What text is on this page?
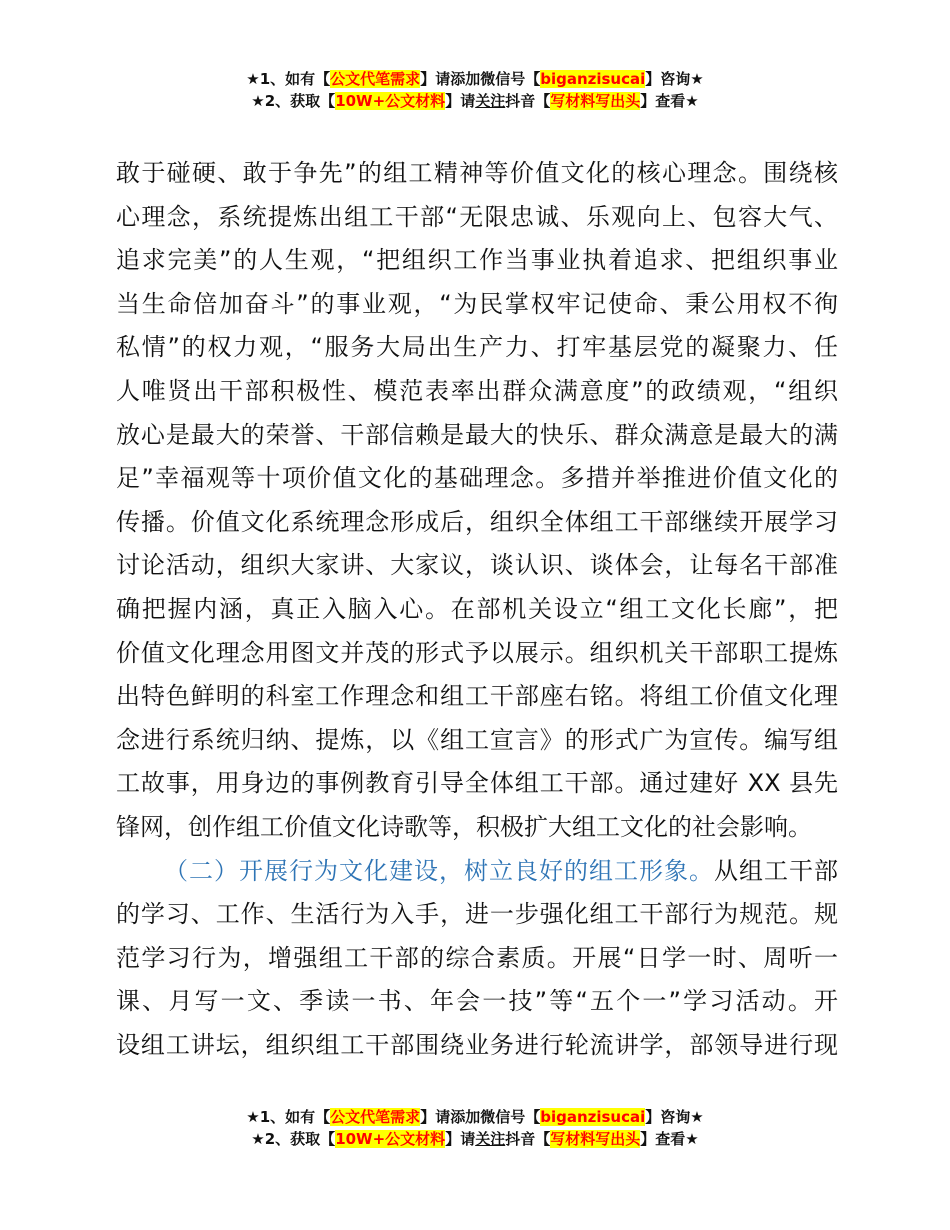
★1、如有【公文代笔需求】请添加微信号【biganzisucai】咨询★
★2、获取【10W+公文材料】请关注抖音【写材料写出头】查看★
敢于碰硬、敢于争先”的组工精神等价值文化的核心理念。围绕核
心理念，系统提炼出组工干部“无限忠诚、乐观向上、包容大气、
追求完美”的人生观，“把组织工作当事业执着追求、把组织事业
当生命倍加奋斗”的事业观，“为民掌权牢记使命、秉公用权不徇
私情”的权力观，“服务大局出生产力、打牢基层党的凝聚力、任
人唯贤出干部积极性、模范表率出群众满意度”的政绩观，“组织
放心是最大的荣誉、干部信赖是最大的快乐、群众满意是最大的满
足”幸福观等十项价值文化的基础理念。多措并举推进价值文化的
传播。价值文化系统理念形成后，组织全体组工干部继续开展学习
讨论活动，组织大家讲、大家议，谈认识、谈体会，让每名干部准
确把握内涵，真正入脑入心。在部机关设立“组工文化长廊”，把
价值文化理念用图文并茂的形式予以展示。组织机关干部职工提炼
出特色鲜明的科室工作理念和组工干部座右铭。将组工价值文化理
念进行系统归纳、提炼，以《组工宣言》的形式广为宣传。编写组
工故事，用身边的事例教育引导全体组工干部。通过建好 XX 县先
锋网，创作组工价值文化诗歌等，积极扩大组工文化的社会影响。
（二）开展行为文化建设，树立良好的组工形象。从组工干部
的学习、工作、生活行为入手，进一步强化组工干部行为规范。规
范学习行为，增强组工干部的综合素质。开展“日学一时、周听一
课、月写一文、季读一书、年会一技”等“五个一”学习活动。开
设组工讲坛，组织组工干部围绕业务进行轮流讲学，部领导进行现
★1、如有【公文代笔需求】请添加微信号【biganzisucai】咨询★
★2、获取【10W+公文材料】请关注抖音【写材料写出头】查看★
